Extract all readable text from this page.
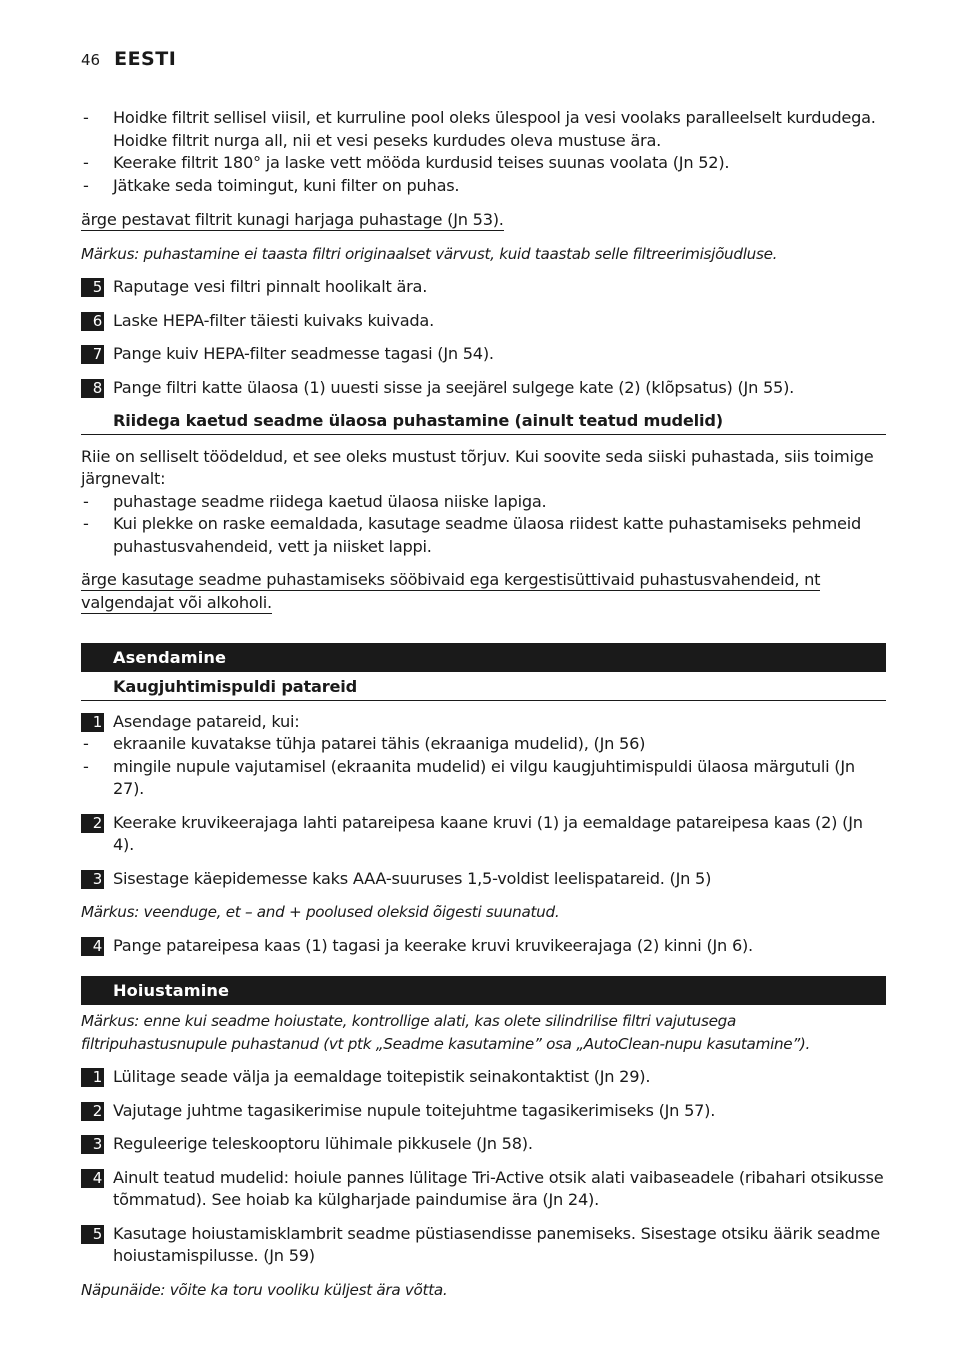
46 EESTI
- Hoidke filtrit sellisel viisil, et kurruline pool oleks ülespool ja vesi voolaks paralleelselt kurdudega. Hoidke filtrit nurga all, nii et vesi peseks kurdudes oleva mustuse ära.
- Keerake filtrit 180° ja laske vett mööda kurdusid teises suunas voolata (Jn 52).
- Jätkake seda toimingut, kuni filter on puhas.
ärge pestavat filtrit kunagi harjaga puhastage (Jn 53).
Märkus: puhastamine ei taasta filtri originaalset värvust, kuid taastab selle filtreerimisjõudluse.
5 Raputage vesi filtri pinnalt hoolikalt ära.
6 Laske HEPA-filter täiesti kuivaks kuivada.
7 Pange kuiv HEPA-filter seadmesse tagasi (Jn 54).
8 Pange filtri katte ülaosa (1) uuesti sisse ja seejärel sulgege kate (2) (klõpsatus) (Jn 55).
Riidega kaetud seadme ülaosa puhastamine (ainult teatud mudelid)
Riie on selliselt töödeldud, et see oleks mustust tõrjuv. Kui soovite seda siiski puhastada, siis toimige järgnevalt:
- puhastage seadme riidega kaetud ülaosa niiske lapiga.
- Kui plekke on raske eemaldada, kasutage seadme ülaosa riidest katte puhastamiseks pehmeid puhastusvahendeid, vett ja niisket lappi.
ärge kasutage seadme puhastamiseks sööbivaid ega kergestisüttivaid puhastusvahendeid, nt
valgendajat või alkoholi.
Asendamine
Kaugjuhtimispuldi patareid
1 Asendage patareid, kui:
- ekraanile kuvatakse tühja patarei tähis (ekraaniga mudelid), (Jn 56)
- mingile nupule vajutamisel (ekraanita mudelid) ei vilgu kaugjuhtimispuldi ülaosa märgutuli (Jn 27).
2 Keerake kruvikeerajaga lahti patareipesa kaane kruvi (1) ja eemaldage patareipesa kaas (2) (Jn 4).
3 Sisestage käepidemesse kaks AAA-suuruses 1,5-voldist leelispatareid. (Jn 5)
Märkus: veenduge, et – and + poolused oleksid õigesti suunatud.
4 Pange patareipesa kaas (1) tagasi ja keerake kruvi kruvikeerajaga (2) kinni (Jn 6).
Hoiustamine
Märkus: enne kui seadme hoiustate, kontrollige alati, kas olete silindrilise filtri vajutusega filtripuhastusnupule puhastanud (vt ptk „Seadme kasutamine” osa „AutoClean-nupu kasutamine”).
1 Lülitage seade välja ja eemaldage toitepistik seinakontaktist (Jn 29).
2 Vajutage juhtme tagasikerimise nupule toitejuhtme tagasikerimiseks (Jn 57).
3 Reguleerige teleskooptoru lühimale pikkusele (Jn 58).
4 Ainult teatud mudelid: hoiule pannes lülitage Tri-Active otsik alati vaibaseadele (ribahari otsikusse tõmmatud). See hoiab ka külgharjade paindumise ära (Jn 24).
5 Kasutage hoiustamisklambrit seadme püstiasendisse panemiseks. Sisestage otsiku äärik seadme hoiustamispilusse. (Jn 59)
Näpunäide: võite ka toru vooliku küljest ära võtta.
